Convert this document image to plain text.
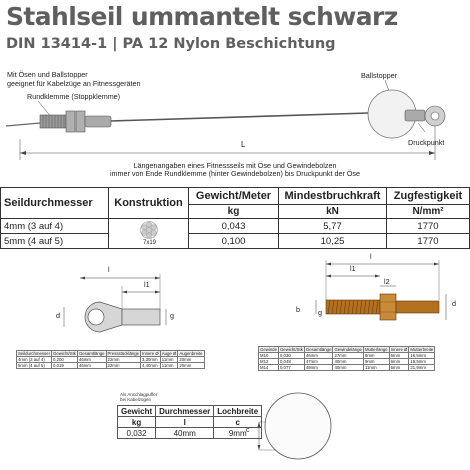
Stahlseil ummantelt schwarz
DIN 13414-1 | PA 12 Nylon Beschichtung
Mit Ösen und Ballstopper
geeignet für Kabelzüge an Fitnessgeräten
Rundklemme (Stoppklemme)
Ballstopper
Druckpunkt
L
Längenangaben eines Fitnessseils mit Öse und Gewindebolzen
immer von Ende Rundklemme (hinter Gewindebolzen) bis Druckpunkt der Öse
Seildurchmesser	Konstruktion	Gewicht/Meter	Mindestbruchkraft	Zugfestigkeit
		kg	kN	N/mm²
4mm (3 auf 4)	7x19	0,043	5,77	1770
5mm (4 auf 5)		0,100	10,25	1770
l
l1
d	g
Seildurchmesser	Gewicht/Stk	Gesamtlänge	Pressstücklänge	Innere Ø	Auge Ø	Augenbreite
4mm (3 auf 4)	0,200	46mm	22mm	3,30mm	11mm	20mm
5mm (4 auf 5)	0,019	46mm	22mm	4,40mm	11mm	20mm
l
l1
l2
b	g
d
Gewinde	Gewicht/Stk	Gesamtlänge	Gewindelänge	Mutterlänge	Innere Ø	Mutterbreite
M10	0,030	46mm	27mm	8mm	6mm	16,5mm
M12	0,048	47mm	40mm	9mm	6mm	18,5mm
M14	0,077	49mm	40mm	11mm	6mm	21,9mm
Als Anschlagpuffer
bei Kabelzügen
Gewicht	Durchmesser	Lochbreite
kg	l	c
0,032	40mm	9mm c
